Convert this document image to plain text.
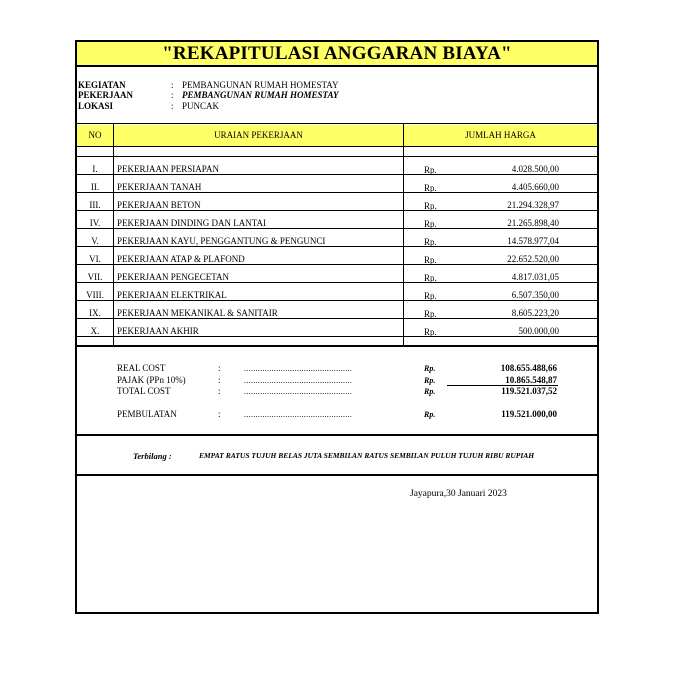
"REKAPITULASI ANGGARAN BIAYA"
KEGIATAN	: PEMBANGUNAN RUMAH HOMESTAY
PEKERJAAN	: PEMBANGUNAN RUMAH HOMESTAY
LOKASI	: PUNCAK
NO	URAIAN PEKERJAAN	JUMLAH HARGA
I.	PEKERJAAN PERSIAPAN	Rp.	4.028.500,00
II.	PEKERJAAN TANAH	Rp.	4.405.660,00
III.	PEKERJAAN BETON	Rp.	21.294.328,97
IV.	PEKERJAAN DINDING DAN LANTAI	Rp.	21.265.898,40
V.	PEKERJAAN KAYU, PENGGANTUNG & PENGUNCI	Rp.	14.578.977,04
VI.	PEKERJAAN ATAP & PLAFOND	Rp.	22.652.520,00
VII.	PEKERJAAN PENGECETAN	Rp.	4.817.031,05
VIII.	PEKERJAAN ELEKTRIKAL	Rp.	6.507.350,00
IX.	PEKERJAAN MEKANIKAL & SANITAIR	Rp.	8.605.223,20
X.	PEKERJAAN AKHIR	Rp.	500.000,00
REAL COST	:	...............................................	Rp.	108.655.488,66
PAJAK (PPn 10%)	:	...............................................	Rp.	10.865.548,87
TOTAL COST	:	...............................................	Rp.	119.521.037,52
PEMBULATAN	:	...............................................	Rp.	119.521.000,00
Terbilang :	EMPAT RATUS TUJUH BELAS JUTA SEMBILAN RATUS SEMBILAN PULUH TUJUH RIBU RUPIAH
Jayapura,30 Januari 2023
